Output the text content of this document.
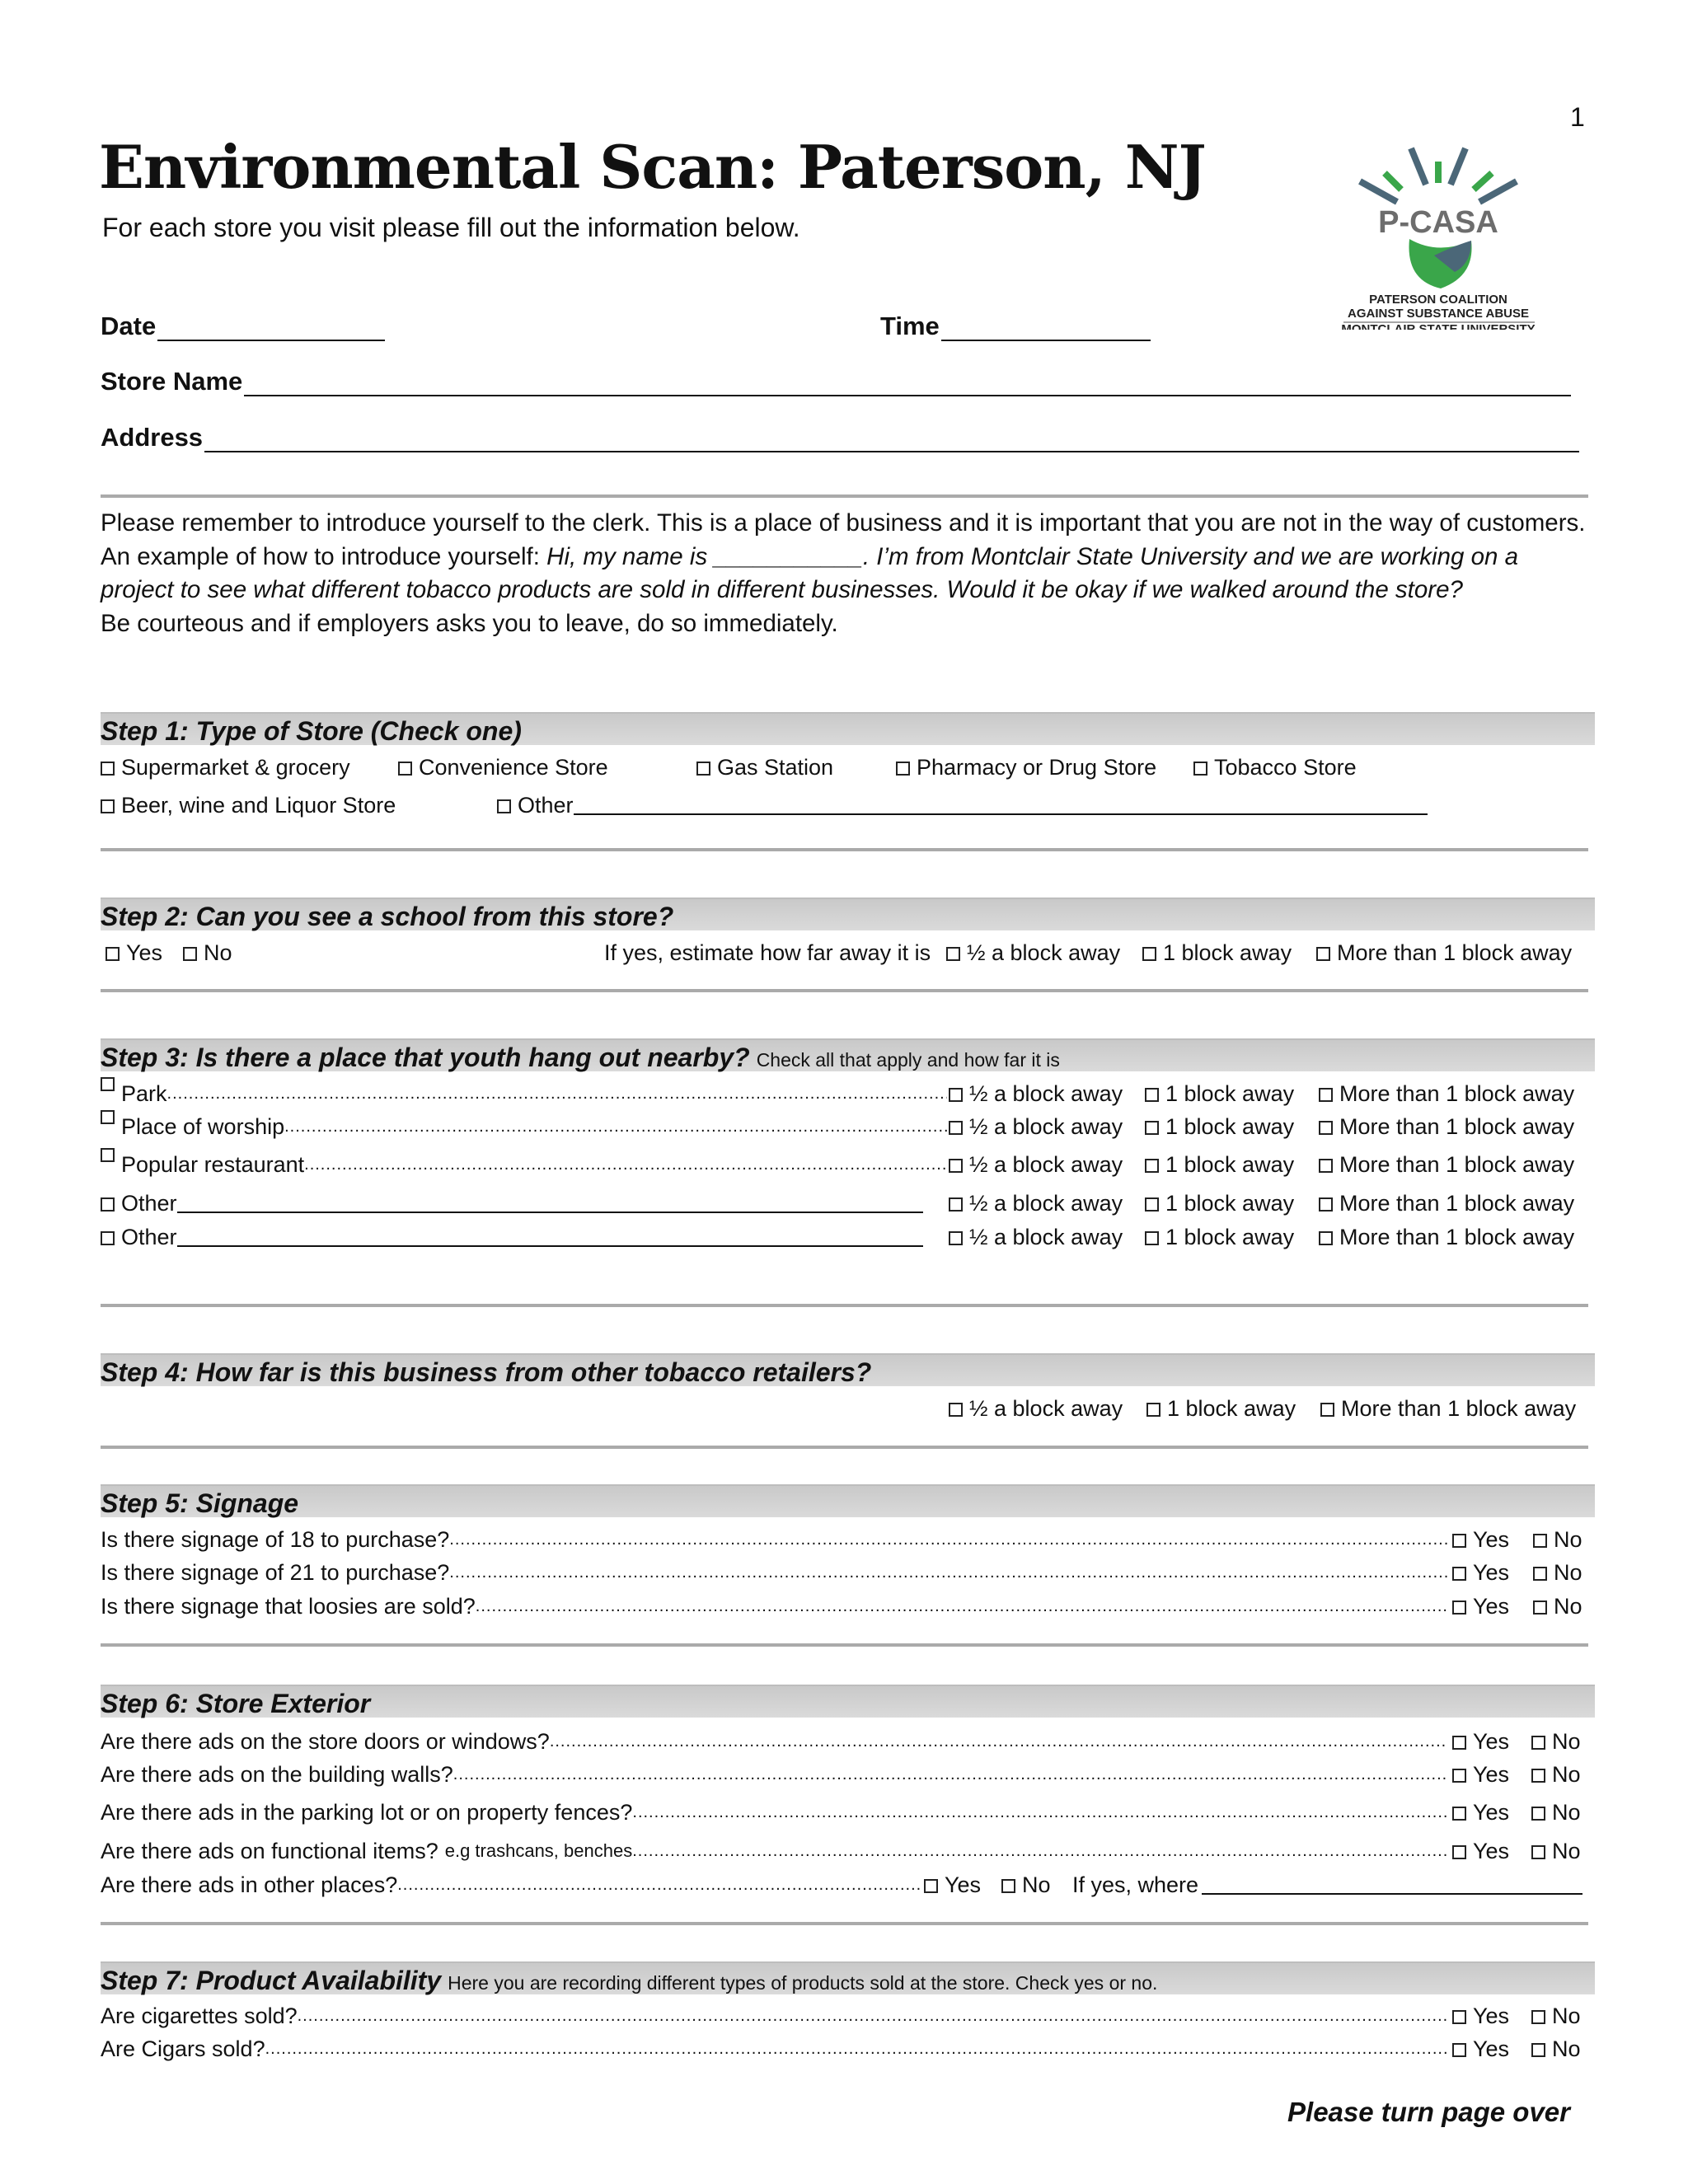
1
Environmental Scan: Paterson, NJ
For each store you visit please fill out the information below.	P-CASA
PATERSON COALITION
AGAINST SUBSTANCE ABUSE
MONTCLAIR STATE UNIVERSITY
Date	Time
Store Name
Address
Please remember to introduce yourself to the clerk. This is a place of business and it is important that you are not in the way of customers. An example of how to introduce yourself: Hi, my name is ___________. I’m from Montclair State University and we are working on a project to see what different tobacco products are sold in different businesses. Would it be okay if we walked around the store?
Be courteous and if employers asks you to leave, do so immediately.
Step 1: Type of Store (Check one)
Supermarket & grocery	Convenience Store	Gas Station	Pharmacy or Drug Store	Tobacco Store
Beer, wine and Liquor Store	Other
Step 2: Can you see a school from this store?
Yes	No	If yes, estimate how far away it is	½ a block away	1 block away	More than 1 block away
Step 3: Is there a place that youth hang out nearby? Check all that apply and how far it is
Park .....	½ a block away	1 block away	More than 1 block away
Place of worship .....	½ a block away	1 block away	More than 1 block away
Popular restaurant .....	½ a block away	1 block away	More than 1 block away
Other	½ a block away	1 block away	More than 1 block away
Other	½ a block away	1 block away	More than 1 block away
Step 4: How far is this business from other tobacco retailers?
½ a block away	1 block away	More than 1 block away
Step 5: Signage
Is there signage of 18 to purchase? .....	Yes	No
Is there signage of 21 to purchase? .....	Yes	No
Is there signage that loosies are sold? .....	Yes	No
Step 6: Store Exterior
Are there ads on the store doors or windows? .....	Yes	No
Are there ads on the building walls? .....	Yes	No
Are there ads in the parking lot or on property fences? .....	Yes	No
Are there ads on functional items? e.g trashcans, benches .....	Yes	No
Are there ads in other places? .....	Yes	No If yes, where
Step 7: Product Availability Here you are recording different types of products sold at the store. Check yes or no.
Are cigarettes sold? .....	Yes	No
Are Cigars sold? .....	Yes	No
Please turn page over
